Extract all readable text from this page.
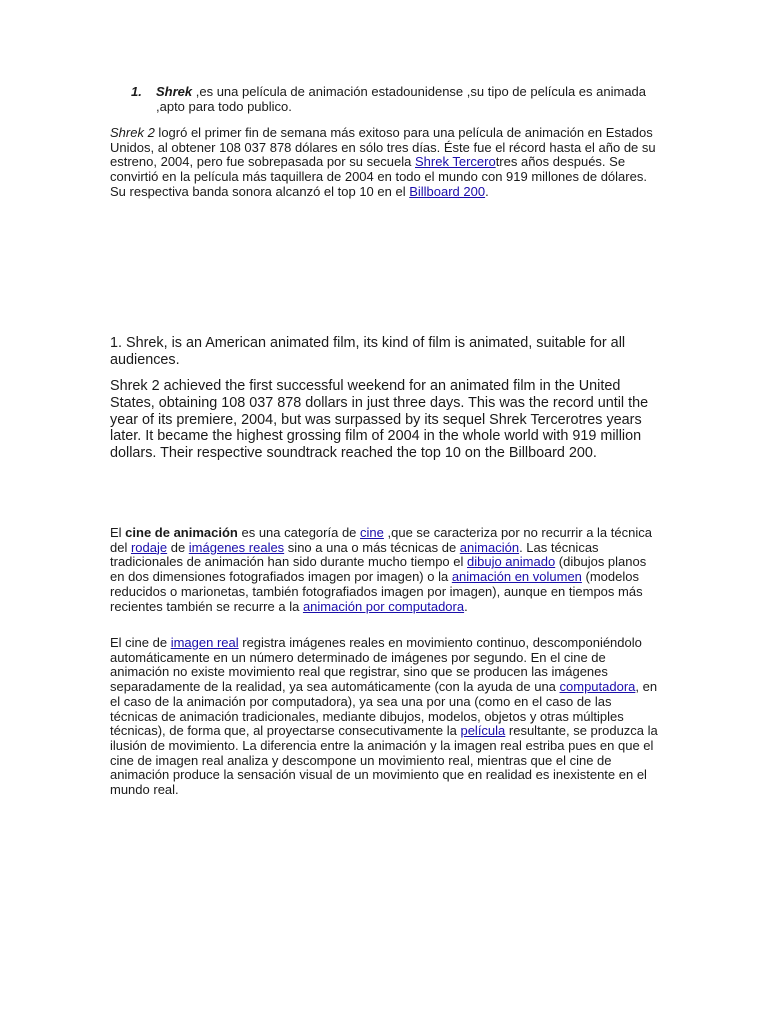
1. Shrek ,es una película de animación estadounidense ,su tipo de película es animada ,apto para todo publico.

Shrek 2 logró el primer fin de semana más exitoso para una película de animación en Estados Unidos, al obtener 108 037 878 dólares en sólo tres días. Éste fue el récord hasta el año de su estreno, 2004, pero fue sobrepasada por su secuela Shrek Tercerotres años después. Se convirtió en la película más taquillera de 2004 en todo el mundo con 919 millones de dólares. Su respectiva banda sonora alcanzó el top 10 en el Billboard 200.

1. Shrek, is an American animated film, its kind of film is animated, suitable for all audiences.

Shrek 2 achieved the first successful weekend for an animated film in the United States, obtaining 108 037 878 dollars in just three days. This was the record until the year of its premiere, 2004, but was surpassed by its sequel Shrek Tercerotres years later. It became the highest grossing film of 2004 in the whole world with 919 million dollars. Their respective soundtrack reached the top 10 on the Billboard 200.

El cine de animación es una categoría de cine ,que se caracteriza por no recurrir a la técnica del rodaje de imágenes reales sino a una o más técnicas de animación. Las técnicas tradicionales de animación han sido durante mucho tiempo el dibujo animado (dibujos planos en dos dimensiones fotografiados imagen por imagen) o la animación en volumen (modelos reducidos o marionetas, también fotografiados imagen por imagen), aunque en tiempos más recientes también se recurre a la animación por computadora.

El cine de imagen real registra imágenes reales en movimiento continuo, descomponiéndolo automáticamente en un número determinado de imágenes por segundo. En el cine de animación no existe movimiento real que registrar, sino que se producen las imágenes separadamente de la realidad, ya sea automáticamente (con la ayuda de una computadora, en el caso de la animación por computadora), ya sea una por una (como en el caso de las técnicas de animación tradicionales, mediante dibujos, modelos, objetos y otras múltiples técnicas), de forma que, al proyectarse consecutivamente la película resultante, se produzca la ilusión de movimiento. La diferencia entre la animación y la imagen real estriba pues en que el cine de imagen real analiza y descompone un movimiento real, mientras que el cine de animación produce la sensación visual de un movimiento que en realidad es inexistente en el mundo real.
